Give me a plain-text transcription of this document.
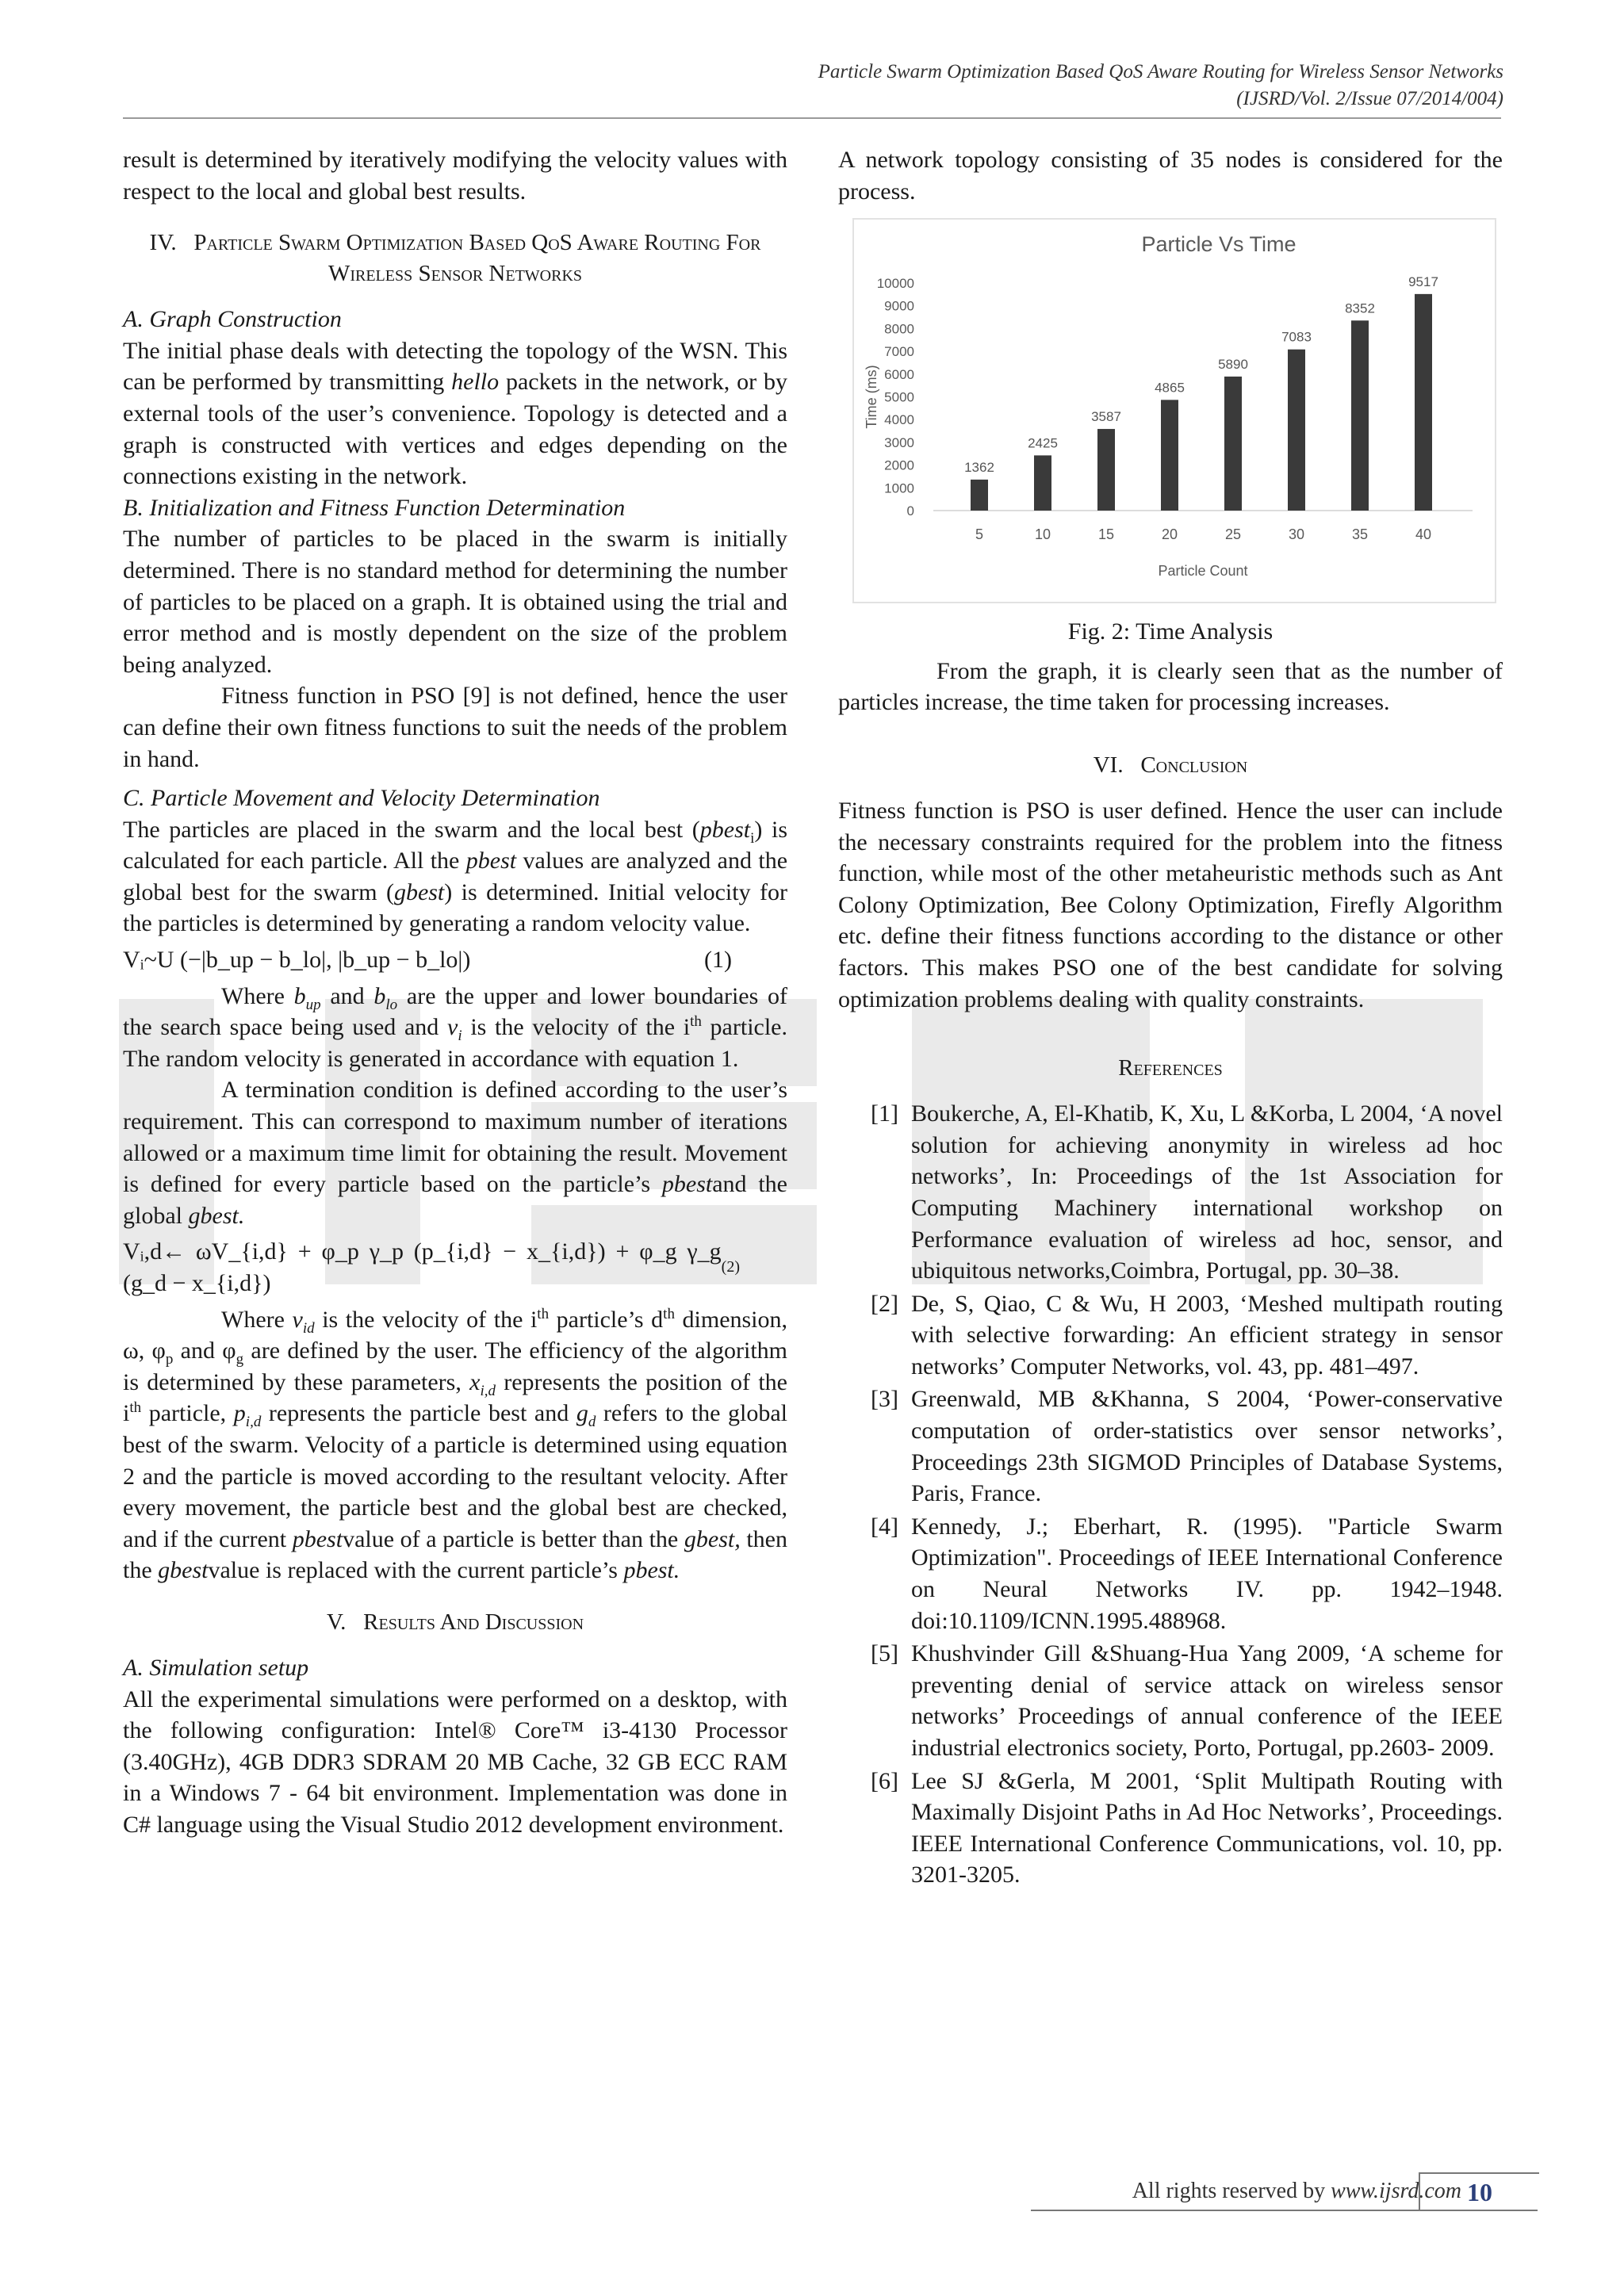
Particle Swarm Optimization Based QoS Aware Routing for Wireless Sensor Networks
(IJSRD/Vol. 2/Issue 07/2014/004)

result is determined by iteratively modifying the velocity values with respect to the local and global best results.

IV. Particle Swarm Optimization Based QoS Aware Routing For Wireless Sensor Networks

A. Graph Construction

The initial phase deals with detecting the topology of the WSN. This can be performed by transmitting hello packets in the network, or by external tools of the user’s convenience. Topology is detected and a graph is constructed with vertices and edges depending on the connections existing in the network.

B. Initialization and Fitness Function Determination

The number of particles to be placed in the swarm is initially determined. There is no standard method for determining the number of particles to be placed on a graph. It is obtained using the trial and error method and is mostly dependent on the size of the problem being analyzed.

Fitness function in PSO [9] is not defined, hence the user can define their own fitness functions to suit the needs of the problem in hand.

C. Particle Movement and Velocity Determination

The particles are placed in the swarm and the local best (pbest$_i$) is calculated for each particle. All the pbest values are analyzed and the global best for the swarm (gbest) is determined. Initial velocity for the particles is determined by generating a random velocity value.

Vᵢ~U (−|b_up − b_lo|, |b_up − b_lo|)	(1)

Where $b_{up}$ and $b_{lo}$ are the upper and lower boundaries of the search space being used and $v_i$ is the velocity of the $i^{th}$ particle. The random velocity is generated in accordance with equation 1.

A termination condition is defined according to the user’s requirement. This can correspond to maximum number of iterations allowed or a maximum time limit for obtaining the result. Movement is defined for every particle based on the particle’s pbestand the global gbest.

Vᵢ,d← ωV_{i,d} + φ_p γ_p (p_{i,d} − x_{i,d}) + φ_g γ_g (g_d − x_{i,d})
(2)

Where $v_{id}$ is the velocity of the $i^{th}$ particle’s $d^{th}$ dimension, ω, $\varphi_p$ and $\varphi_g$ are defined by the user. The efficiency of the algorithm is determined by these parameters, $x_{i,d}$ represents the position of the $i^{th}$ particle, $p_{i,d}$ represents the particle best and $g_d$ refers to the global best of the swarm. Velocity of a particle is determined using equation 2 and the particle is moved according to the resultant velocity. After every movement, the particle best and the global best are checked, and if the current pbestvalue of a particle is better than the gbest, then the gbestvalue is replaced with the current particle’s pbest.

V. Results And Discussion

A. Simulation setup

All the experimental simulations were performed on a desktop, with the following configuration: Intel® Core™ i3-4130 Processor (3.40GHz), 4GB DDR3 SDRAM 20 MB Cache, 32 GB ECC RAM in a Windows 7 - 64 bit environment. Implementation was done in C# language using the Visual Studio 2012 development environment.

A network topology consisting of 35 nodes is considered for the process.

Particle Vs Time
0
1000
2000
3000
4000
5000
6000
7000
8000
9000
10000
Time (ms)
1362
5
2425
10
3587
15
4865
20
5890
25
7083
30
8352
35
9517
40
Particle Count

Fig. 2: Time Analysis

From the graph, it is clearly seen that as the number of particles increase, the time taken for processing increases.

VI. Conclusion

Fitness function is PSO is user defined. Hence the user can include the necessary constraints required for the problem into the fitness function, while most of the other metaheuristic methods such as Ant Colony Optimization, Bee Colony Optimization, Firefly Algorithm etc. define their fitness functions according to the distance or other factors. This makes PSO one of the best candidate for solving optimization problems dealing with quality constraints.

References
[1] Boukerche, A, El-Khatib, K, Xu, L &Korba, L 2004, ‘A novel solution for achieving anonymity in wireless ad hoc networks’, In: Proceedings of the 1st Association for Computing Machinery international workshop on Performance evaluation of wireless ad hoc, sensor, and ubiquitous networks,Coimbra, Portugal, pp. 30–38.
[2] De, S, Qiao, C & Wu, H 2003, ‘Meshed multipath routing with selective forwarding: An efficient strategy in sensor networks’ Computer Networks, vol. 43, pp. 481–497.
[3] Greenwald, MB &Khanna, S 2004, ‘Power-conservative computation of order-statistics over sensor networks’, Proceedings 23th SIGMOD Principles of Database Systems, Paris, France.
[4] Kennedy, J.; Eberhart, R. (1995). "Particle Swarm Optimization". Proceedings of IEEE International Conference on Neural Networks IV. pp. 1942–1948. doi:10.1109/ICNN.1995.488968.
[5] Khushvinder Gill &Shuang-Hua Yang 2009, ‘A scheme for preventing denial of service attack on wireless sensor networks’ Proceedings of annual conference of the IEEE industrial electronics society, Porto, Portugal, pp.2603- 2009.
[6] Lee SJ &Gerla, M 2001, ‘Split Multipath Routing with Maximally Disjoint Paths in Ad Hoc Networks’, Proceedings. IEEE International Conference Communications, vol. 10, pp. 3201-3205.
All rights reserved by www.ijsrd.com 10
